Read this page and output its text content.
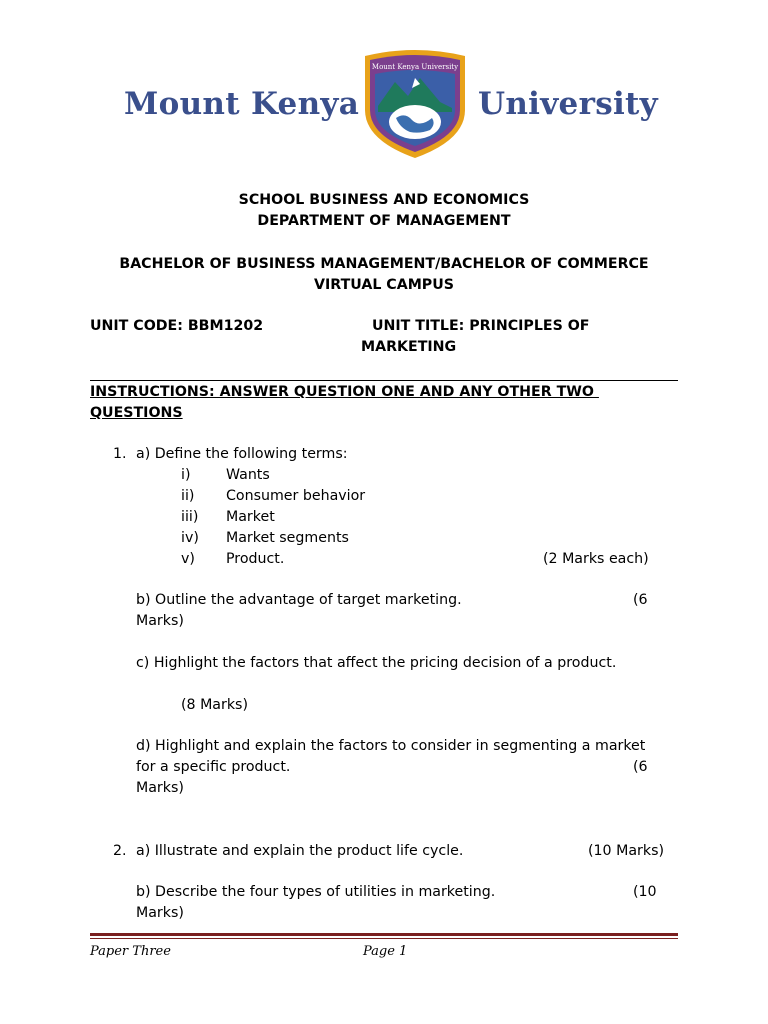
Mount Kenya	University
Mount Kenya University
SCHOOL BUSINESS AND ECONOMICS
DEPARTMENT OF MANAGEMENT
BACHELOR OF BUSINESS MANAGEMENT/BACHELOR OF COMMERCE
VIRTUAL CAMPUS
UNIT CODE: BBM1202	UNIT TITLE: PRINCIPLES OF
MARKETING
INSTRUCTIONS: ANSWER QUESTION ONE AND ANY OTHER TWO
QUESTIONS
1. a) Define the following terms:
i)	Wants
ii) Consumer behavior
iii) Market
iv) Market segments
v) Product.	(2 Marks each)
b) Outline the advantage of target marketing.	(6
Marks)
c) Highlight the factors that affect the pricing decision of a product.
(8 Marks)
d) Highlight and explain the factors to consider in segmenting a market
for a specific product.	(6
Marks)
2. a) Illustrate and explain the product life cycle.	(10 Marks)
b) Describe the four types of utilities in marketing.	(10
Marks)
Paper Three	Page 1
